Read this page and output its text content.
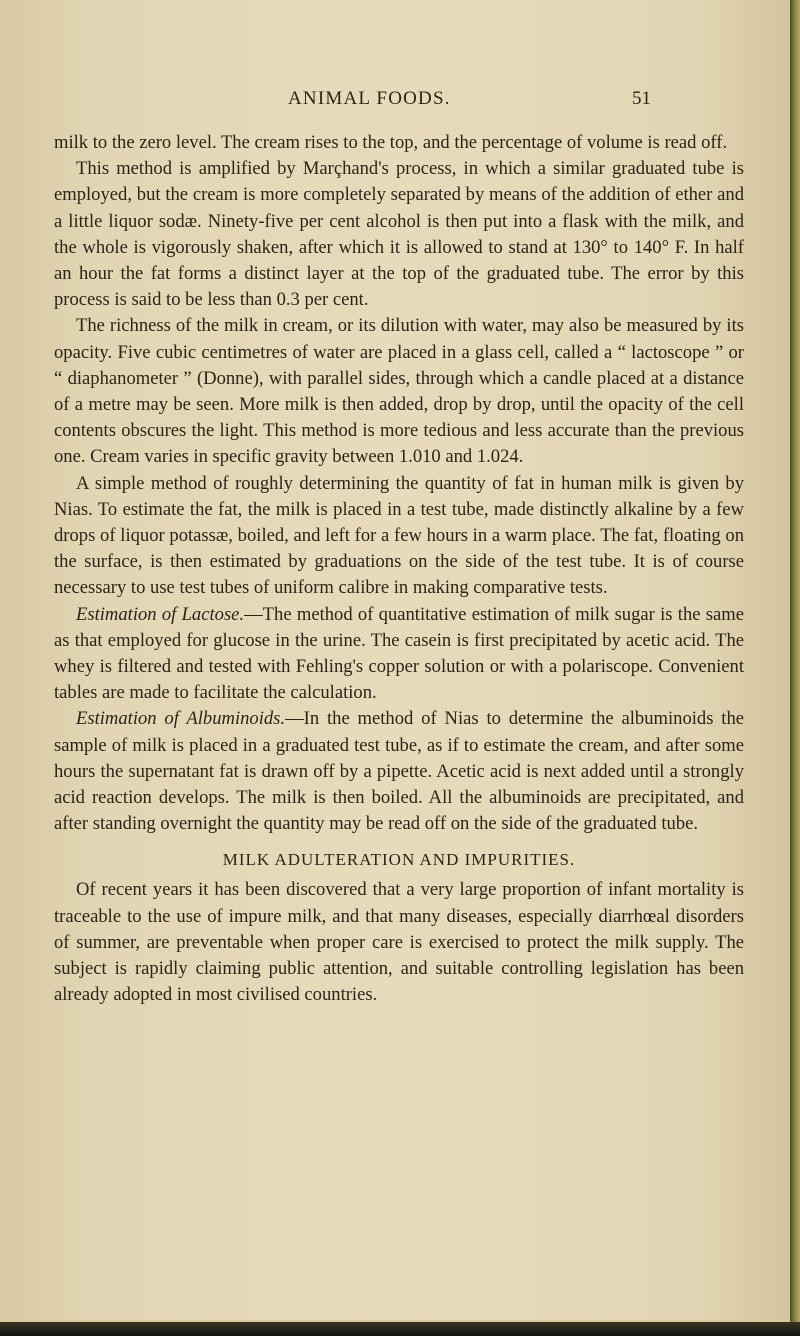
ANIMAL FOODS.	51

milk to the zero level. The cream rises to the top, and the percentage of volume is read off.

This method is amplified by Marçhand's process, in which a similar graduated tube is employed, but the cream is more completely separated by means of the addition of ether and a little liquor sodæ. Ninety-five per cent alcohol is then put into a flask with the milk, and the whole is vigorously shaken, after which it is allowed to stand at 130° to 140° F. In half an hour the fat forms a distinct layer at the top of the graduated tube. The error by this process is said to be less than 0.3 per cent.

The richness of the milk in cream, or its dilution with water, may also be measured by its opacity. Five cubic centimetres of water are placed in a glass cell, called a “ lactoscope ” or “ diaphanometer ” (Donne), with parallel sides, through which a candle placed at a distance of a metre may be seen. More milk is then added, drop by drop, until the opacity of the cell contents obscures the light. This method is more tedious and less accurate than the previous one. Cream varies in specific gravity between 1.010 and 1.024.

A simple method of roughly determining the quantity of fat in human milk is given by Nias. To estimate the fat, the milk is placed in a test tube, made distinctly alkaline by a few drops of liquor potassæ, boiled, and left for a few hours in a warm place. The fat, floating on the surface, is then estimated by graduations on the side of the test tube. It is of course necessary to use test tubes of uniform calibre in making comparative tests.

Estimation of Lactose.—The method of quantitative estimation of milk sugar is the same as that employed for glucose in the urine. The casein is first precipitated by acetic acid. The whey is filtered and tested with Fehling's copper solution or with a polariscope. Convenient tables are made to facilitate the calculation.

Estimation of Albuminoids.—In the method of Nias to determine the albuminoids the sample of milk is placed in a graduated test tube, as if to estimate the cream, and after some hours the supernatant fat is drawn off by a pipette. Acetic acid is next added until a strongly acid reaction develops. The milk is then boiled. All the albuminoids are precipitated, and after standing overnight the quantity may be read off on the side of the graduated tube.

MILK ADULTERATION AND IMPURITIES.

Of recent years it has been discovered that a very large proportion of infant mortality is traceable to the use of impure milk, and that many diseases, especially diarrhœal disorders of summer, are preventable when proper care is exercised to protect the milk supply. The subject is rapidly claiming public attention, and suitable controlling legislation has been already adopted in most civilised countries.
